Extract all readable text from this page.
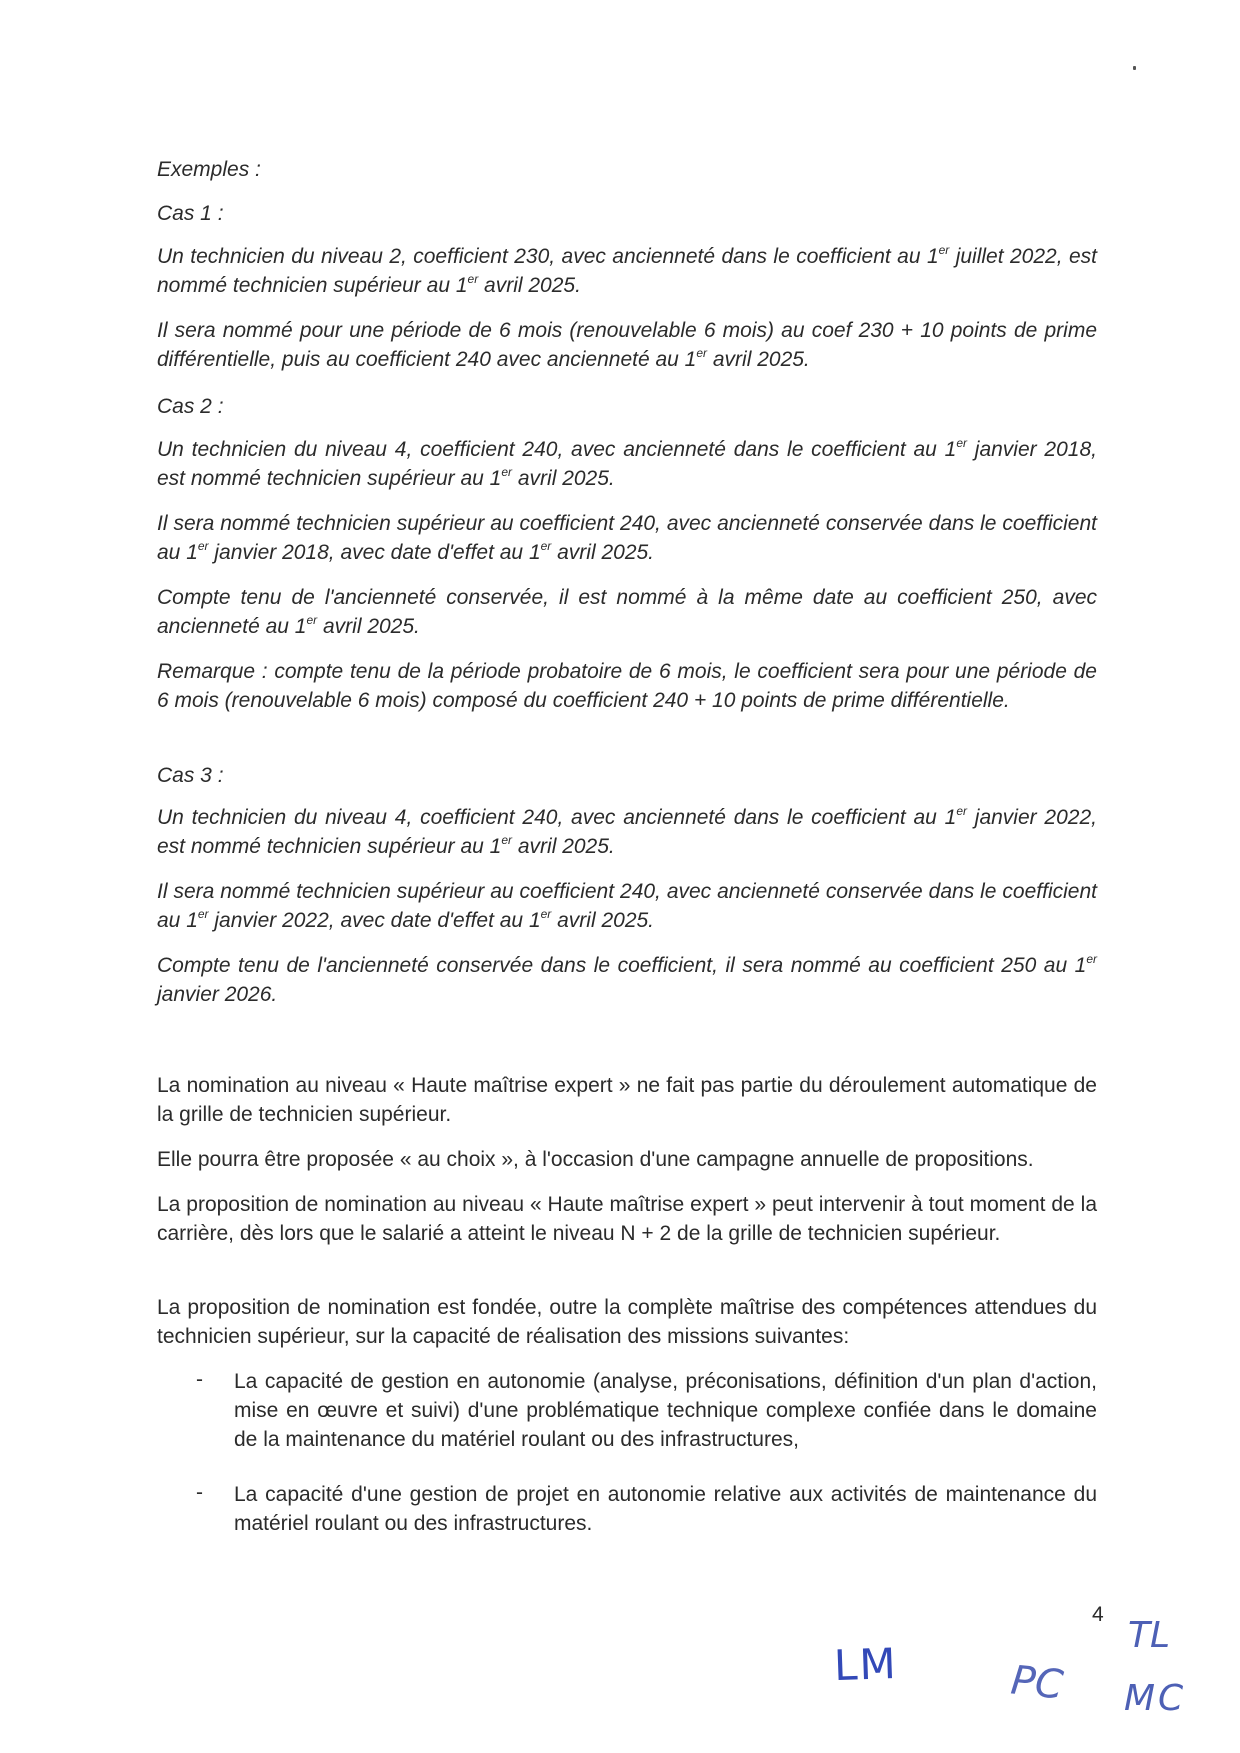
Exemples :

Cas 1 :

Un technicien du niveau 2, coefficient 230, avec ancienneté dans le coefficient au 1er juillet 2022, est nommé technicien supérieur au 1er avril 2025.

Il sera nommé pour une période de 6 mois (renouvelable 6 mois) au coef 230 + 10 points de prime différentielle, puis au coefficient 240 avec ancienneté au 1er avril 2025.

Cas 2 :

Un technicien du niveau 4, coefficient 240, avec ancienneté dans le coefficient au 1er janvier 2018, est nommé technicien supérieur au 1er avril 2025.

Il sera nommé technicien supérieur au coefficient 240, avec ancienneté conservée dans le coefficient au 1er janvier 2018, avec date d'effet au 1er avril 2025.

Compte tenu de l'ancienneté conservée, il est nommé à la même date au coefficient 250, avec ancienneté au 1er avril 2025.

Remarque : compte tenu de la période probatoire de 6 mois, le coefficient sera pour une période de 6 mois (renouvelable 6 mois) composé du coefficient 240 + 10 points de prime différentielle.

Cas 3 :

Un technicien du niveau 4, coefficient 240, avec ancienneté dans le coefficient au 1er janvier 2022, est nommé technicien supérieur au 1er avril 2025.

Il sera nommé technicien supérieur au coefficient 240, avec ancienneté conservée dans le coefficient au 1er janvier 2022, avec date d'effet au 1er avril 2025.

Compte tenu de l'ancienneté conservée dans le coefficient, il sera nommé au coefficient 250 au 1er janvier 2026.

La nomination au niveau « Haute maîtrise expert » ne fait pas partie du déroulement automatique de la grille de technicien supérieur.

Elle pourra être proposée « au choix », à l'occasion d'une campagne annuelle de propositions.

La proposition de nomination au niveau « Haute maîtrise expert » peut intervenir à tout moment de la carrière, dès lors que le salarié a atteint le niveau N + 2 de la grille de technicien supérieur.

La proposition de nomination est fondée, outre la complète maîtrise des compétences attendues du technicien supérieur, sur la capacité de réalisation des missions suivantes:

- La capacité de gestion en autonomie (analyse, préconisations, définition d'un plan d'action, mise en œuvre et suivi) d'une problématique technique complexe confiée dans le domaine de la maintenance du matériel roulant ou des infrastructures,

- La capacité d'une gestion de projet en autonomie relative aux activités de maintenance du matériel roulant ou des infrastructures.

4
LM	PC
TL
MC
